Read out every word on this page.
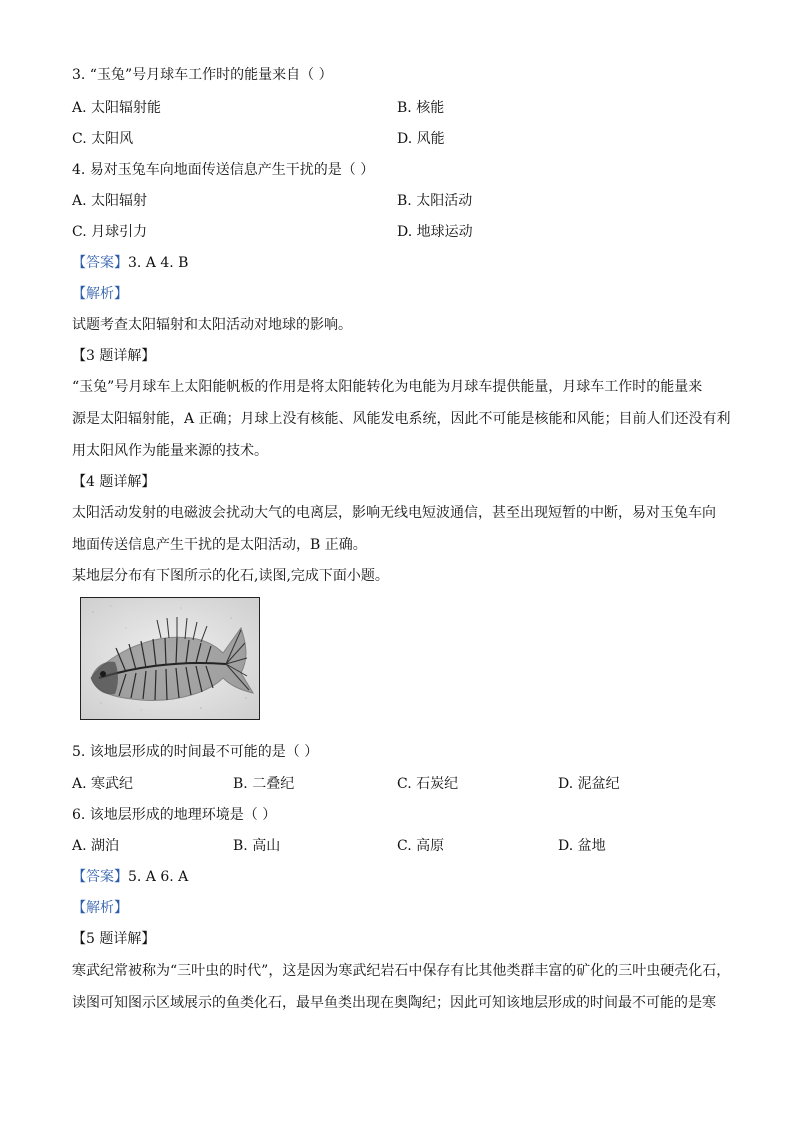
3. “玉兔”号月球车工作时的能量来自（ ）
A. 太阳辐射能	B. 核能
C. 太阳风	D. 风能
4. 易对玉兔车向地面传送信息产生干扰的是（ ）
A. 太阳辐射	B. 太阳活动
C. 月球引力	D. 地球运动
【答案】3. A 4. B
【解析】
试题考查太阳辐射和太阳活动对地球的影响。
【3 题详解】
“玉兔”号月球车上太阳能帆板的作用是将太阳能转化为电能为月球车提供能量，月球车工作时的能量来
源是太阳辐射能，A 正确；月球上没有核能、风能发电系统，因此不可能是核能和风能；目前人们还没有利
用太阳风作为能量来源的技术。
【4 题详解】
太阳活动发射的电磁波会扰动大气的电离层，影响无线电短波通信，甚至出现短暂的中断，易对玉兔车向
地面传送信息产生干扰的是太阳活动，B 正确。
某地层分布有下图所示的化石,读图,完成下面小题。
5. 该地层形成的时间最不可能的是（ ）
A. 寒武纪	B. 二叠纪	C. 石炭纪	D. 泥盆纪
6. 该地层形成的地理环境是（ ）
A. 湖泊	B. 高山	C. 高原	D. 盆地
【答案】5. A 6. A
【解析】
【5 题详解】
寒武纪常被称为“三叶虫的时代”，这是因为寒武纪岩石中保存有比其他类群丰富的矿化的三叶虫硬壳化石，
读图可知图示区域展示的鱼类化石，最早鱼类出现在奥陶纪；因此可知该地层形成的时间最不可能的是寒
